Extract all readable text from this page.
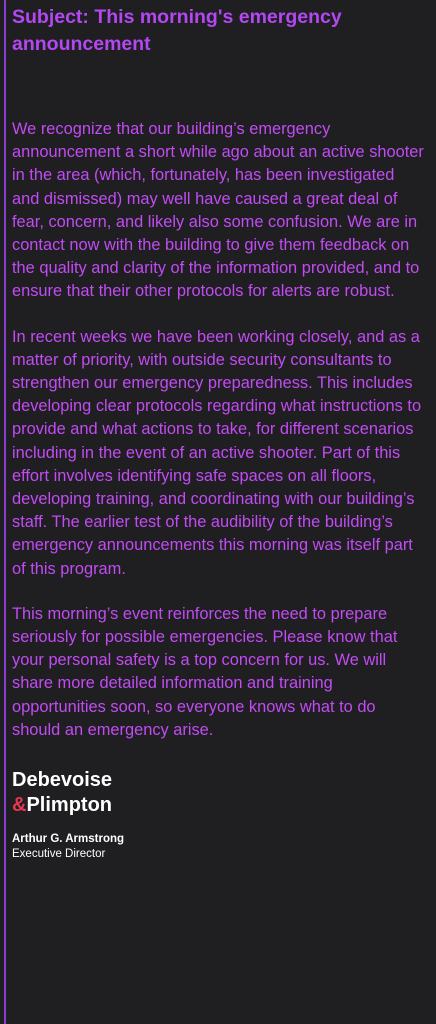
Subject: This morning's emergency announcement

We recognize that our building’s emergency announcement a short while ago about an active shooter in the area (which, fortunately, has been investigated and dismissed) may well have caused a great deal of fear, concern, and likely also some confusion. We are in contact now with the building to give them feedback on the quality and clarity of the information provided, and to ensure that their other protocols for alerts are robust.

In recent weeks we have been working closely, and as a matter of priority, with outside security consultants to strengthen our emergency preparedness. This includes developing clear protocols regarding what instructions to provide and what actions to take, for different scenarios including in the event of an active shooter. Part of this effort involves identifying safe spaces on all floors, developing training, and coordinating with our building’s staff. The earlier test of the audibility of the building’s emergency announcements this morning was itself part of this program.

This morning’s event reinforces the need to prepare seriously for possible emergencies. Please know that your personal safety is a top concern for us. We will share more detailed information and training opportunities soon, so everyone knows what to do should an emergency arise.

Debevoise
&Plimpton
Arthur G. Armstrong
Executive Director
